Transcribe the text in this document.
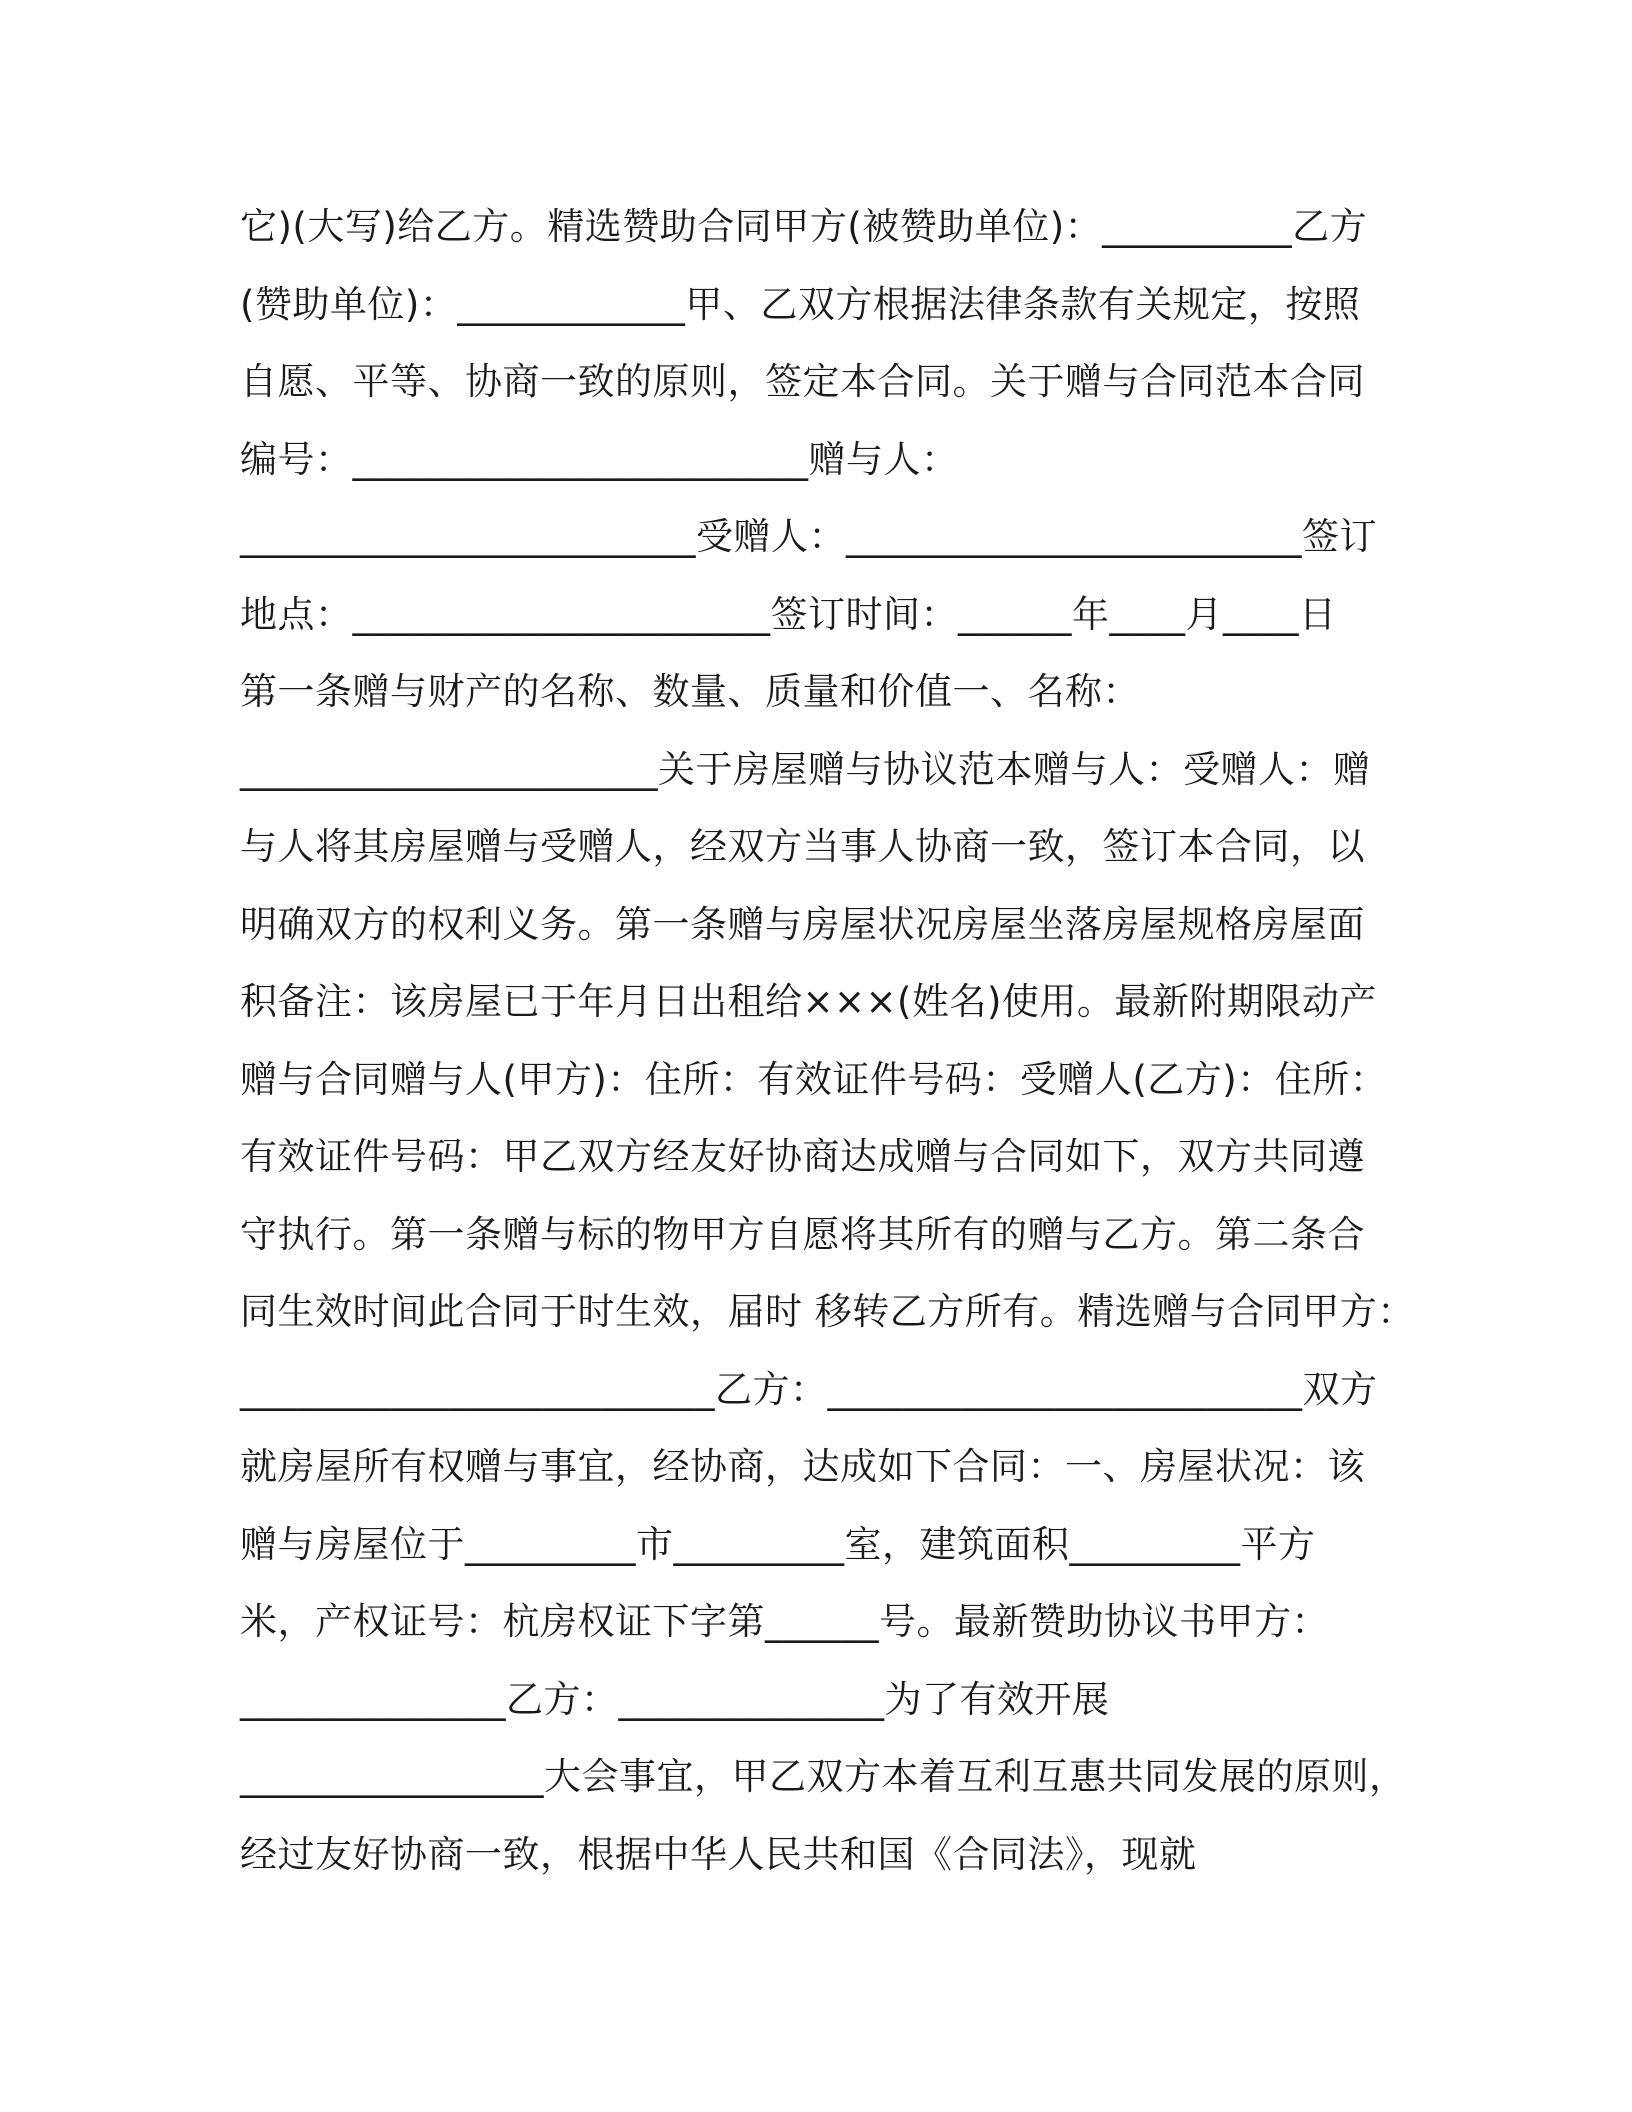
它)(大写)给乙方。精选赞助合同甲方(被赞助单位)：__________乙方
(赞助单位)：____________甲、乙双方根据法律条款有关规定，按照
自愿、平等、协商一致的原则，签定本合同。关于赠与合同范本合同
编号：________________________赠与人：
________________________受赠人：________________________签订
地点：______________________签订时间：______年____月____日
第一条赠与财产的名称、数量、质量和价值一、名称：
______________________关于房屋赠与协议范本赠与人：受赠人：赠
与人将其房屋赠与受赠人，经双方当事人协商一致，签订本合同，以
明确双方的权利义务。第一条赠与房屋状况房屋坐落房屋规格房屋面
积备注：该房屋已于年月日出租给×××(姓名)使用。最新附期限动产
赠与合同赠与人(甲方)：住所：有效证件号码：受赠人(乙方)：住所：
有效证件号码：甲乙双方经友好协商达成赠与合同如下，双方共同遵
守执行。第一条赠与标的物甲方自愿将其所有的赠与乙方。第二条合
同生效时间此合同于时生效，届时 移转乙方所有。精选赠与合同甲方：
_________________________乙方：_________________________双方
就房屋所有权赠与事宜，经协商，达成如下合同：一、房屋状况：该
赠与房屋位于_________市_________室，建筑面积_________平方
米，产权证号：杭房权证下字第______号。最新赞助协议书甲方：
______________乙方：______________为了有效开展
________________大会事宜，甲乙双方本着互利互惠共同发展的原则，
经过友好协商一致，根据中华人民共和国《合同法》，现就
